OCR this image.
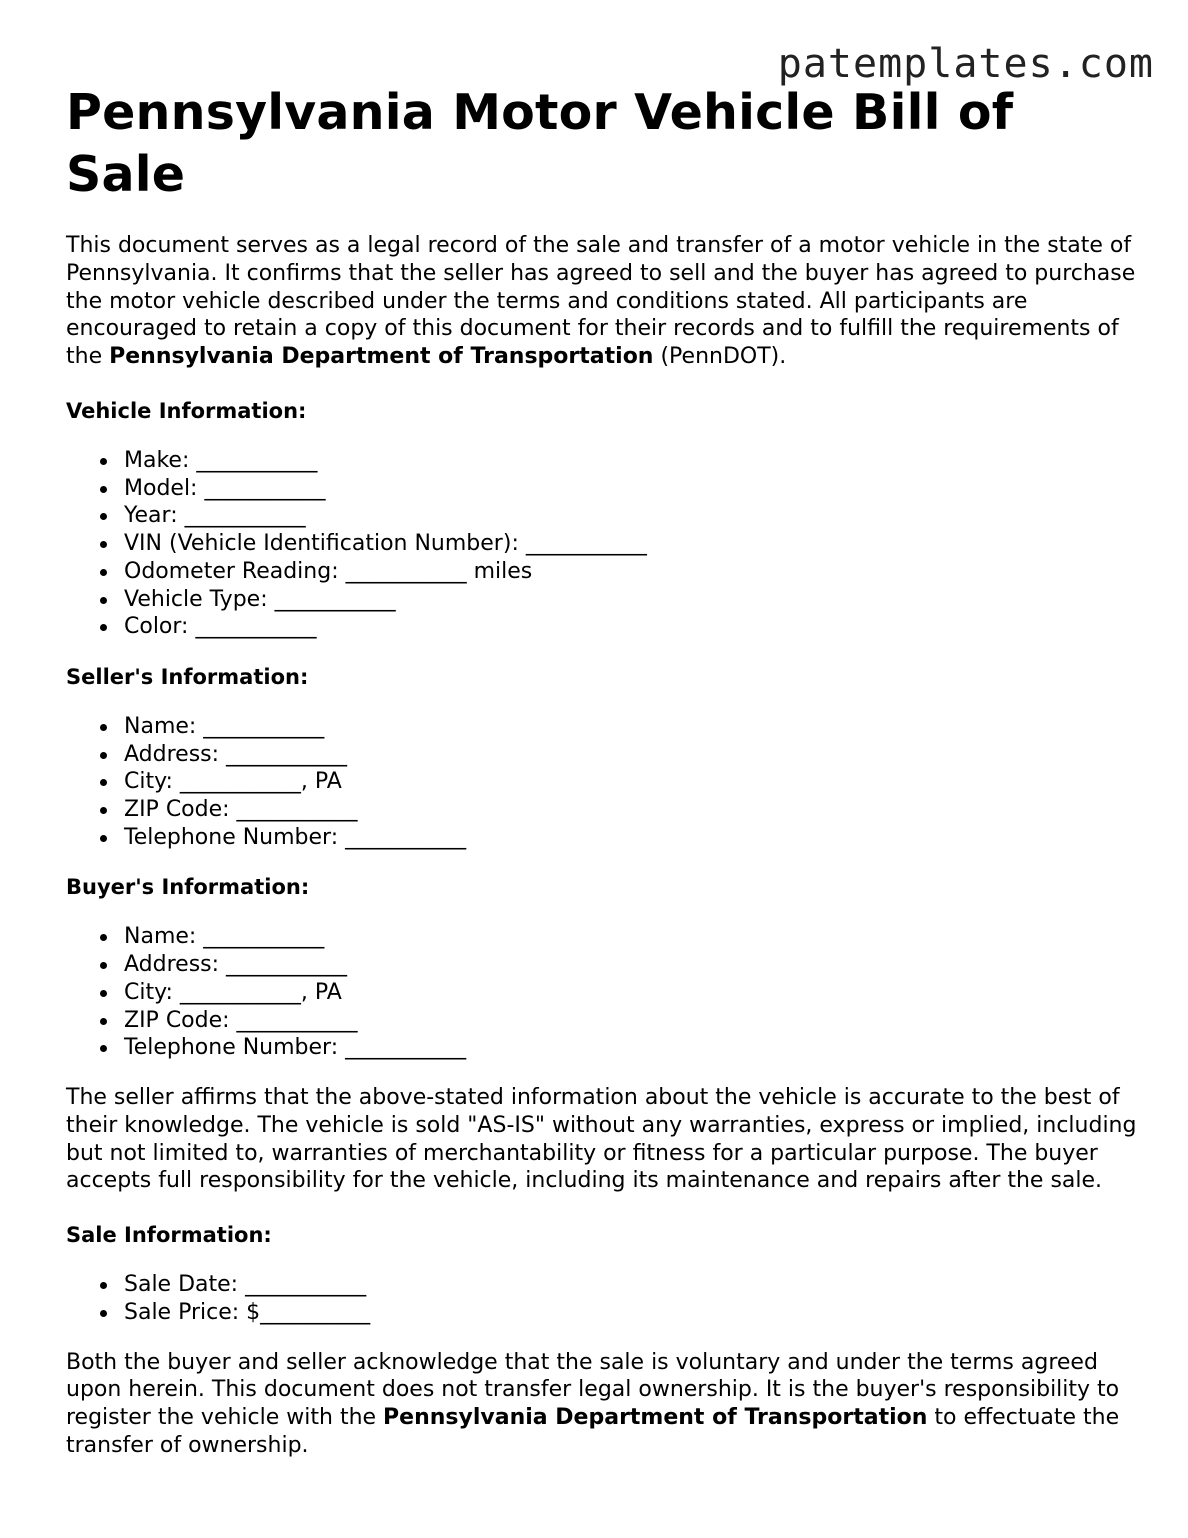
patemplates.com
Pennsylvania Motor Vehicle Bill of Sale

This document serves as a legal record of the sale and transfer of a motor vehicle in the state of Pennsylvania. It confirms that the seller has agreed to sell and the buyer has agreed to purchase the motor vehicle described under the terms and conditions stated. All participants are encouraged to retain a copy of this document for their records and to fulfill the requirements of the Pennsylvania Department of Transportation (PennDOT).

Vehicle Information:
Make: ___________
Model: ___________
Year: ___________
VIN (Vehicle Identification Number): ___________
Odometer Reading: ___________ miles
Vehicle Type: ___________
Color: ___________
Seller's Information:
Name: ___________
Address: ___________
City: ___________, PA
ZIP Code: ___________
Telephone Number: ___________
Buyer's Information:
Name: ___________
Address: ___________
City: ___________, PA
ZIP Code: ___________
Telephone Number: ___________

The seller affirms that the above-stated information about the vehicle is accurate to the best of their knowledge. The vehicle is sold "AS-IS" without any warranties, express or implied, including but not limited to, warranties of merchantability or fitness for a particular purpose. The buyer accepts full responsibility for the vehicle, including its maintenance and repairs after the sale.

Sale Information:
Sale Date: ___________
Sale Price: $__________

Both the buyer and seller acknowledge that the sale is voluntary and under the terms agreed upon herein. This document does not transfer legal ownership. It is the buyer's responsibility to register the vehicle with the Pennsylvania Department of Transportation to effectuate the transfer of ownership.
